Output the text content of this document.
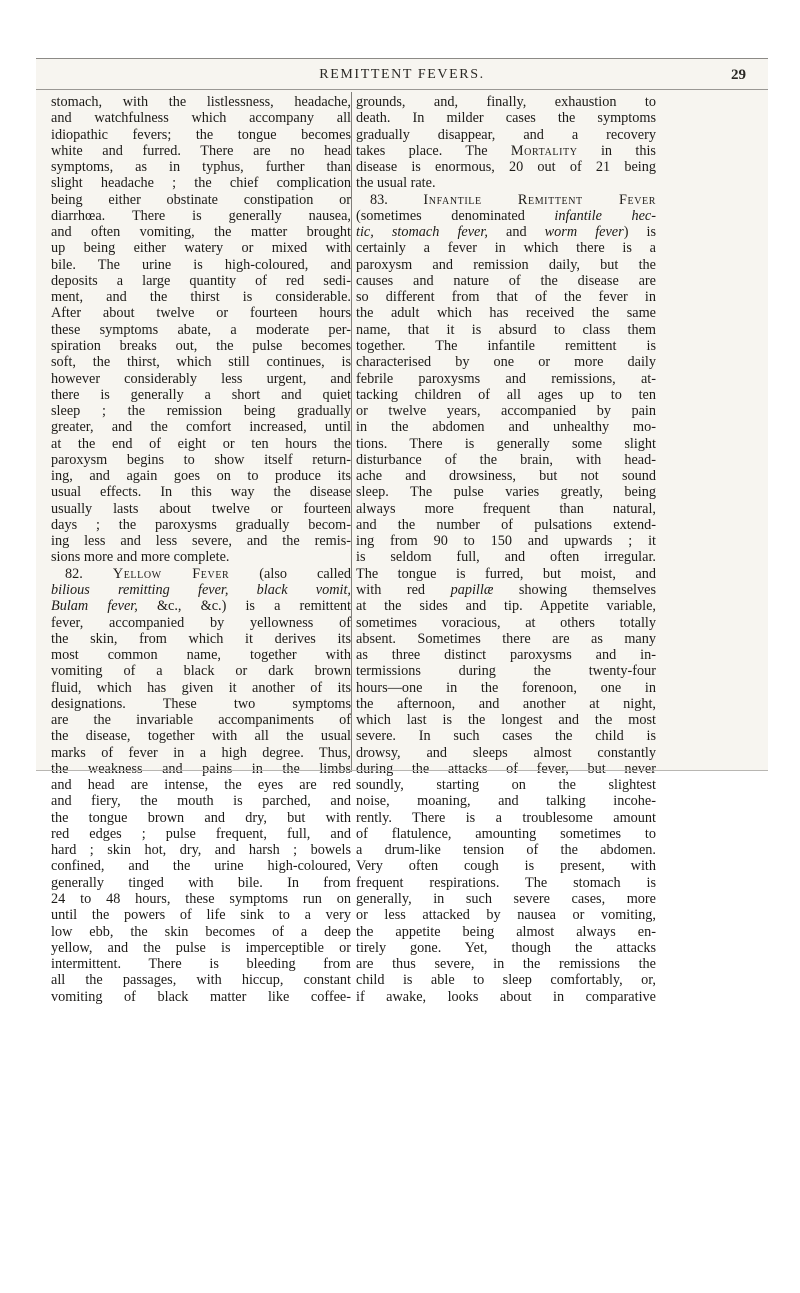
REMITTENT FEVERS.	29
stomach, with the listlessness, headache,
and watchfulness which accompany all
idiopathic fevers; the tongue becomes
white and furred. There are no head
symptoms, as in typhus, further than
slight headache ; the chief complication
being either obstinate constipation or
diarrhœa. There is generally nausea,
and often vomiting, the matter brought
up being either watery or mixed with
bile. The urine is high-coloured, and
deposits a large quantity of red sedi-
ment, and the thirst is considerable.
After about twelve or fourteen hours
these symptoms abate, a moderate per-
spiration breaks out, the pulse becomes
soft, the thirst, which still continues, is
however considerably less urgent, and
there is generally a short and quiet
sleep ; the remission being gradually
greater, and the comfort increased, until
at the end of eight or ten hours the
paroxysm begins to show itself return-
ing, and again goes on to produce its
usual effects. In this way the disease
usually lasts about twelve or fourteen
days ; the paroxysms gradually becom-
ing less and less severe, and the remis-
sions more and more complete.
82. Yellow Fever (also called
bilious remitting fever, black vomit,
Bulam fever, &c., &c.) is a remittent
fever, accompanied by yellowness of
the skin, from which it derives its
most common name, together with
vomiting of a black or dark brown
fluid, which has given it another of its
designations. These two symptoms
are the invariable accompaniments of
the disease, together with all the usual
marks of fever in a high degree. Thus,
the weakness and pains in the limbs
and head are intense, the eyes are red
and fiery, the mouth is parched, and
the tongue brown and dry, but with
red edges ; pulse frequent, full, and
hard ; skin hot, dry, and harsh ; bowels
confined, and the urine high-coloured,
generally tinged with bile. In from
24 to 48 hours, these symptoms run on
until the powers of life sink to a very
low ebb, the skin becomes of a deep
yellow, and the pulse is imperceptible or
intermittent. There is bleeding from
all the passages, with hiccup, constant
vomiting of black matter like coffee-
grounds, and, finally, exhaustion to
death. In milder cases the symptoms
gradually disappear, and a recovery
takes place. The Mortality in this
disease is enormous, 20 out of 21 being
the usual rate.
83. Infantile Remittent Fever
(sometimes denominated infantile hec-
tic, stomach fever, and worm fever) is
certainly a fever in which there is a
paroxysm and remission daily, but the
causes and nature of the disease are
so different from that of the fever in
the adult which has received the same
name, that it is absurd to class them
together. The infantile remittent is
characterised by one or more daily
febrile paroxysms and remissions, at-
tacking children of all ages up to ten
or twelve years, accompanied by pain
in the abdomen and unhealthy mo-
tions. There is generally some slight
disturbance of the brain, with head-
ache and drowsiness, but not sound
sleep. The pulse varies greatly, being
always more frequent than natural,
and the number of pulsations extend-
ing from 90 to 150 and upwards ; it
is seldom full, and often irregular.
The tongue is furred, but moist, and
with red papillæ showing themselves
at the sides and tip. Appetite variable,
sometimes voracious, at others totally
absent. Sometimes there are as many
as three distinct paroxysms and in-
termissions during the twenty-four
hours—one in the forenoon, one in
the afternoon, and another at night,
which last is the longest and the most
severe. In such cases the child is
drowsy, and sleeps almost constantly
during the attacks of fever, but never
soundly, starting on the slightest
noise, moaning, and talking incohe-
rently. There is a troublesome amount
of flatulence, amounting sometimes to
a drum-like tension of the abdomen.
Very often cough is present, with
frequent respirations. The stomach is
generally, in such severe cases, more
or less attacked by nausea or vomiting,
the appetite being almost always en-
tirely gone. Yet, though the attacks
are thus severe, in the remissions the
child is able to sleep comfortably, or,
if awake, looks about in comparative
